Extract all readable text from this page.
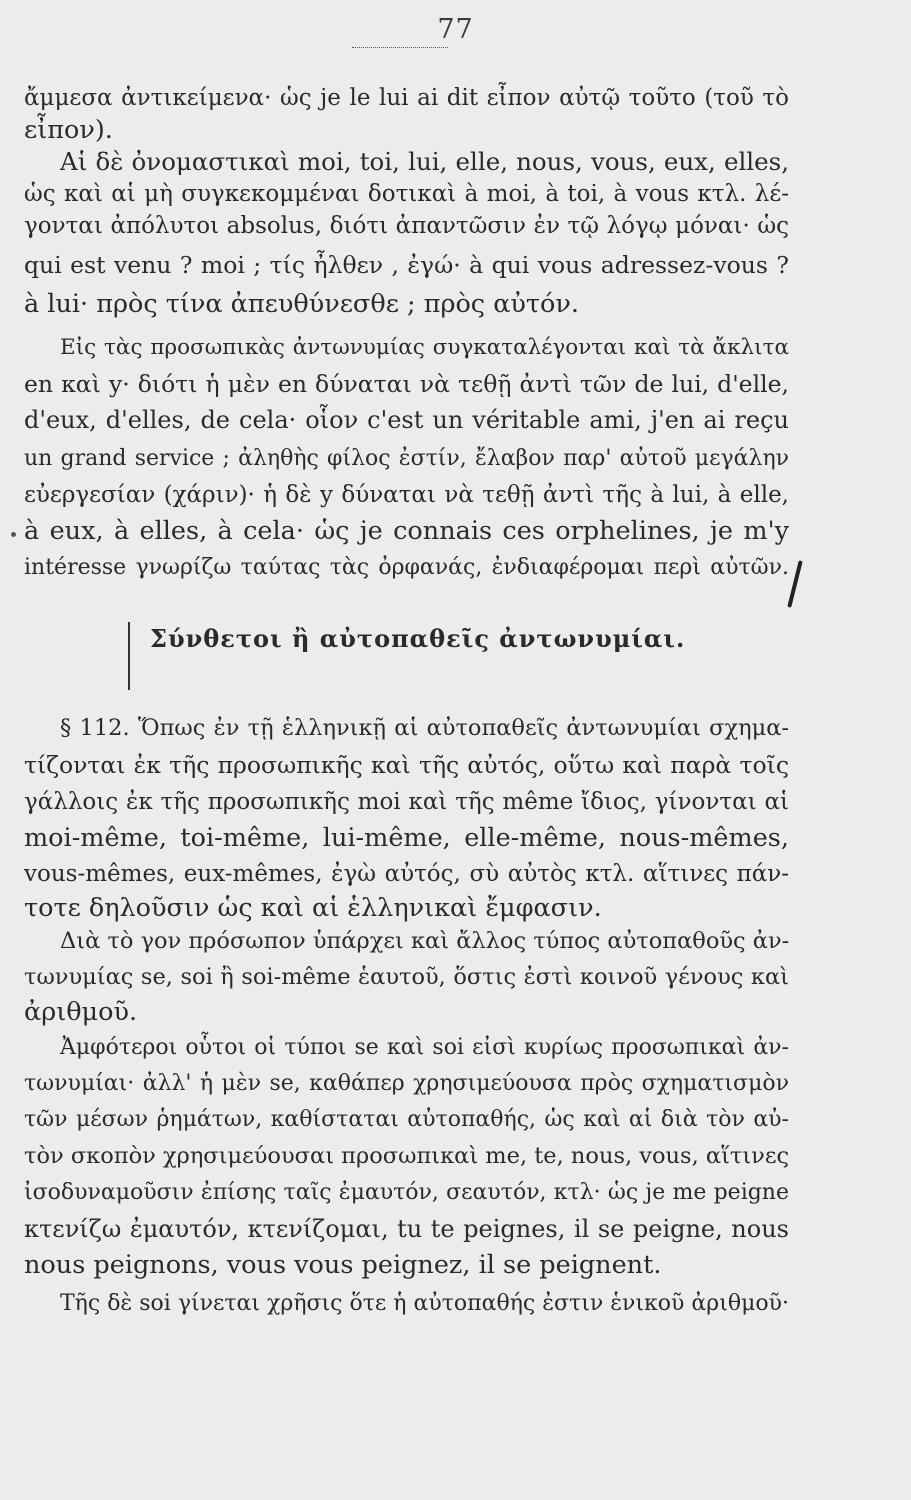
77
Σύνθετοι ἢ αὐτοπαθεῖς ἀντωνυμίαι.
ἄμμεσα ἀντικείμενα· ὡς je le lui ai dit εἶπον αὐτῷ τοῦτο (τοῦ τὸ
εἶπον).
Αἱ δὲ ὀνομαστικαὶ moi, toi, lui, elle, nous, vous, eux, elles,
ὡς καὶ αἱ μὴ συγκεκομμέναι δοτικαὶ à moi, à toi, à vous κτλ. λέ-
γονται ἀπόλυτοι absolus, διότι ἀπαντῶσιν ἐν τῷ λόγῳ μόναι· ὡς
qui est venu ? moi ; τίς ἦλθεν , ἐγώ· à qui vous adressez-vous ?
à lui· πρὸς τίνα ἀπευθύνεσθε ; πρὸς αὐτόν.
Εἰς τὰς προσωπικὰς ἀντωνυμίας συγκαταλέγονται καὶ τὰ ἄκλιτα
en καὶ y· διότι ἡ μὲν en δύναται νὰ τεθῇ ἀντὶ τῶν de lui, d'elle,
d'eux, d'elles, de cela· οἷον c'est un véritable ami, j'en ai reçu
un grand service ; ἀληθὴς φίλος ἐστίν, ἔλαβον παρ' αὐτοῦ μεγάλην
εὐεργεσίαν (χάριν)· ἡ δὲ y δύναται νὰ τεθῇ ἀντὶ τῆς à lui, à elle,
à eux, à elles, à cela· ὡς je connais ces orphelines, je m'y
intéresse γνωρίζω ταύτας τὰς ὀρφανάς, ἐνδιαφέρομαι περὶ αὐτῶν.
§ 112. Ὅπως ἐν τῇ ἑλληνικῇ αἱ αὐτοπαθεῖς ἀντωνυμίαι σχημα-
τίζονται ἐκ τῆς προσωπικῆς καὶ τῆς αὐτός, οὕτω καὶ παρὰ τοῖς
γάλλοις ἐκ τῆς προσωπικῆς moi καὶ τῆς même ἴδιος, γίνονται αἱ
moi-même, toi-même, lui-même, elle-même, nous-mêmes,
vous-mêmes, eux-mêmes, ἐγὼ αὐτός, σὺ αὐτὸς κτλ. αἵτινες πάν-
τοτε δηλοῦσιν ὡς καὶ αἱ ἑλληνικαὶ ἔμφασιν.
Διὰ τὸ γον πρόσωπον ὑπάρχει καὶ ἄλλος τύπος αὐτοπαθοῦς ἀν-
τωνυμίας se, soi ἢ soi-même ἑαυτοῦ, ὅστις ἐστὶ κοινοῦ γένους καὶ
ἀριθμοῦ.
Ἀμφότεροι οὗτοι οἱ τύποι se καὶ soi εἰσὶ κυρίως προσωπικαὶ ἀν-
τωνυμίαι· ἀλλ' ἡ μὲν se, καθάπερ χρησιμεύουσα πρὸς σχηματισμὸν
τῶν μέσων ῥημάτων, καθίσταται αὐτοπαθής, ὡς καὶ αἱ διὰ τὸν αὐ-
τὸν σκοπὸν χρησιμεύουσαι προσωπικαὶ me, te, nous, vous, αἵτινες
ἰσοδυναμοῦσιν ἐπίσης ταῖς ἐμαυτόν, σεαυτόν, κτλ· ὡς je me peigne
κτενίζω ἐμαυτόν, κτενίζομαι, tu te peignes, il se peigne, nous
nous peignons, vous vous peignez, il se peignent.
Τῆς δὲ soi γίνεται χρῆσις ὅτε ἡ αὐτοπαθής ἐστιν ἑνικοῦ ἀριθμοῦ·
